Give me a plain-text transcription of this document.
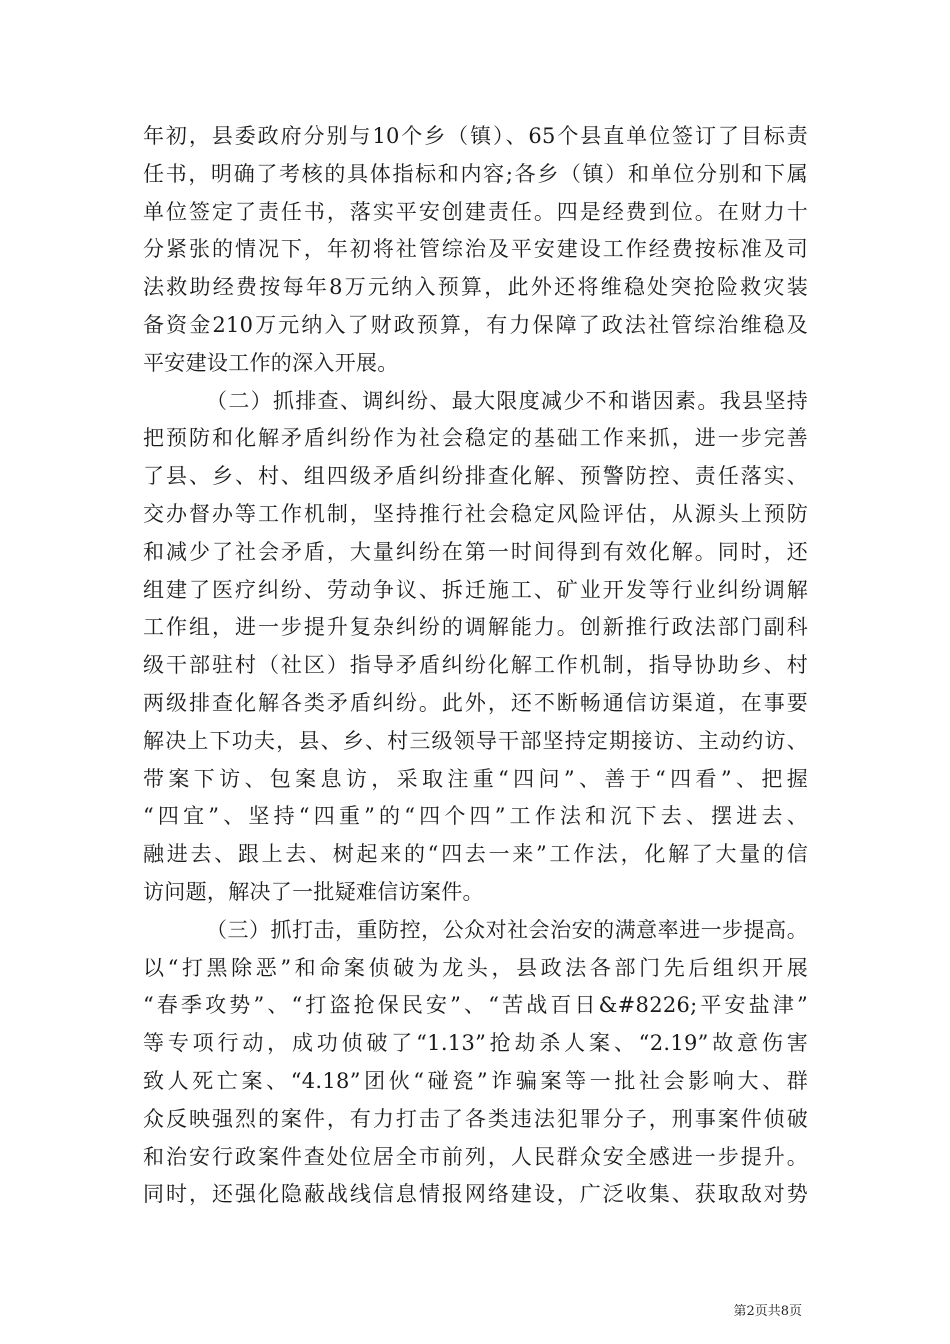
年初，县委政府分别与10个乡（镇）、65个县直单位签订了目标责
任书，明确了考核的具体指标和内容;各乡（镇）和单位分别和下属
单位签定了责任书，落实平安创建责任。四是经费到位。在财力十
分紧张的情况下，年初将社管综治及平安建设工作经费按标准及司
法救助经费按每年8万元纳入预算，此外还将维稳处突抢险救灾装
备资金210万元纳入了财政预算，有力保障了政法社管综治维稳及
平安建设工作的深入开展。
（二）抓排查、调纠纷、最大限度减少不和谐因素。我县坚持
把预防和化解矛盾纠纷作为社会稳定的基础工作来抓，进一步完善
了县、乡、村、组四级矛盾纠纷排查化解、预警防控、责任落实、
交办督办等工作机制，坚持推行社会稳定风险评估，从源头上预防
和减少了社会矛盾，大量纠纷在第一时间得到有效化解。同时，还
组建了医疗纠纷、劳动争议、拆迁施工、矿业开发等行业纠纷调解
工作组，进一步提升复杂纠纷的调解能力。创新推行政法部门副科
级干部驻村（社区）指导矛盾纠纷化解工作机制，指导协助乡、村
两级排查化解各类矛盾纠纷。此外，还不断畅通信访渠道，在事要
解决上下功夫，县、乡、村三级领导干部坚持定期接访、主动约访、
带案下访、包案息访，采取注重“四问”、善于“四看”、把握
“四宜”、坚持“四重”的“四个四”工作法和沉下去、摆进去、
融进去、跟上去、树起来的“四去一来”工作法，化解了大量的信
访问题，解决了一批疑难信访案件。
（三）抓打击，重防控，公众对社会治安的满意率进一步提高。
以“打黑除恶”和命案侦破为龙头，县政法各部门先后组织开展
“春季攻势”、“打盗抢保民安”、“苦战百日&#8226;平安盐津”
等专项行动，成功侦破了“1.13”抢劫杀人案、“2.19”故意伤害
致人死亡案、“4.18”团伙“碰瓷”诈骗案等一批社会影响大、群
众反映强烈的案件，有力打击了各类违法犯罪分子，刑事案件侦破
和治安行政案件查处位居全市前列，人民群众安全感进一步提升。
同时，还强化隐蔽战线信息情报网络建设，广泛收集、获取敌对势
第2页共8页
